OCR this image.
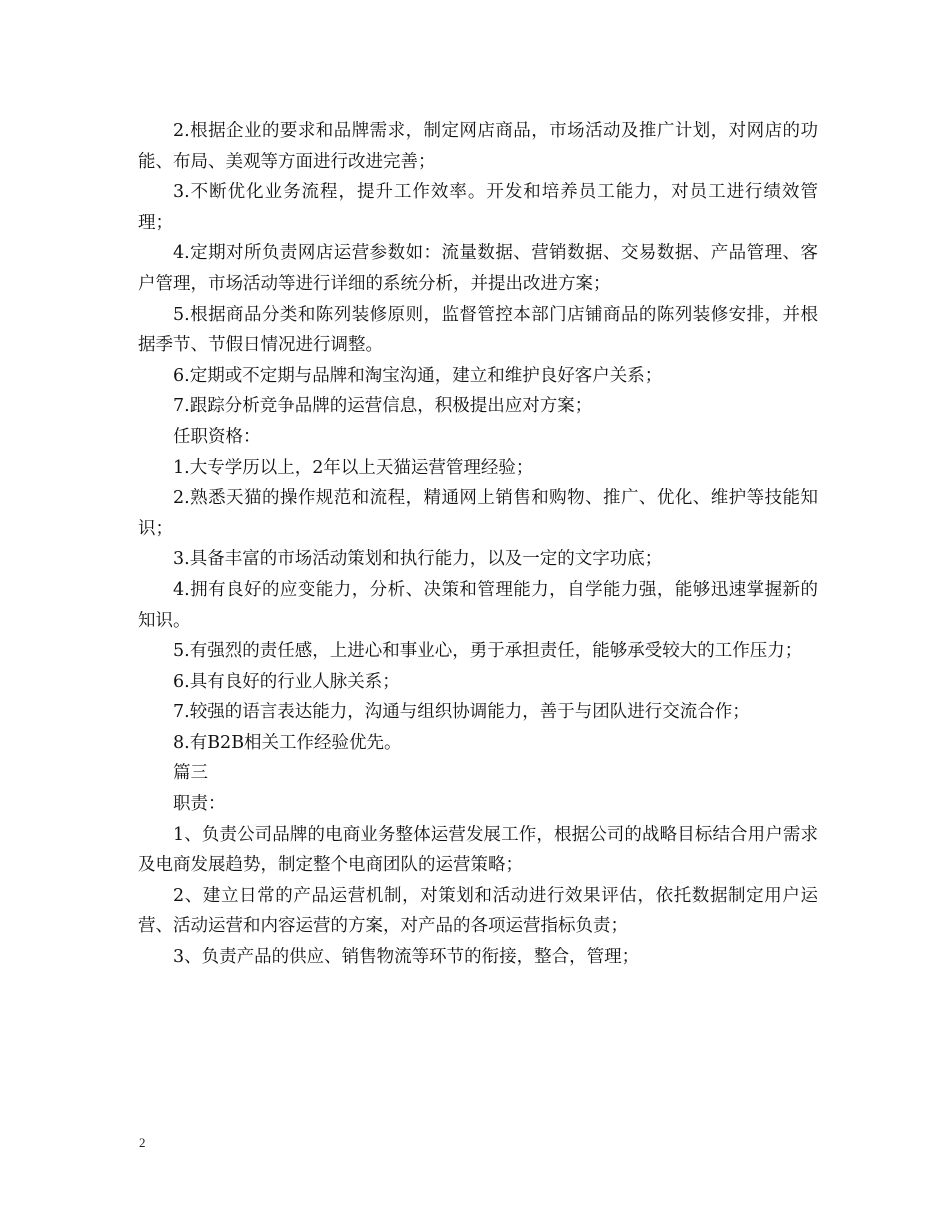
2.根据企业的要求和品牌需求，制定网店商品，市场活动及推广计划，对网店的功能、布局、美观等方面进行改进完善；

3.不断优化业务流程，提升工作效率。开发和培养员工能力，对员工进行绩效管理；

4.定期对所负责网店运营参数如：流量数据、营销数据、交易数据、产品管理、客户管理，市场活动等进行详细的系统分析，并提出改进方案；

5.根据商品分类和陈列装修原则，监督管控本部门店铺商品的陈列装修安排，并根据季节、节假日情况进行调整。

6.定期或不定期与品牌和淘宝沟通，建立和维护良好客户关系；

7.跟踪分析竞争品牌的运营信息，积极提出应对方案；

任职资格：

1.大专学历以上，2年以上天猫运营管理经验；

2.熟悉天猫的操作规范和流程，精通网上销售和购物、推广、优化、维护等技能知识；

3.具备丰富的市场活动策划和执行能力，以及一定的文字功底；

4.拥有良好的应变能力，分析、决策和管理能力，自学能力强，能够迅速掌握新的知识。

5.有强烈的责任感，上进心和事业心，勇于承担责任，能够承受较大的工作压力；

6.具有良好的行业人脉关系；

7.较强的语言表达能力，沟通与组织协调能力，善于与团队进行交流合作；

8.有B2B相关工作经验优先。

篇三

职责：

1、负责公司品牌的电商业务整体运营发展工作，根据公司的战略目标结合用户需求及电商发展趋势，制定整个电商团队的运营策略；

2、建立日常的产品运营机制，对策划和活动进行效果评估，依托数据制定用户运营、活动运营和内容运营的方案，对产品的各项运营指标负责；

3、负责产品的供应、销售物流等环节的衔接，整合，管理；

2
